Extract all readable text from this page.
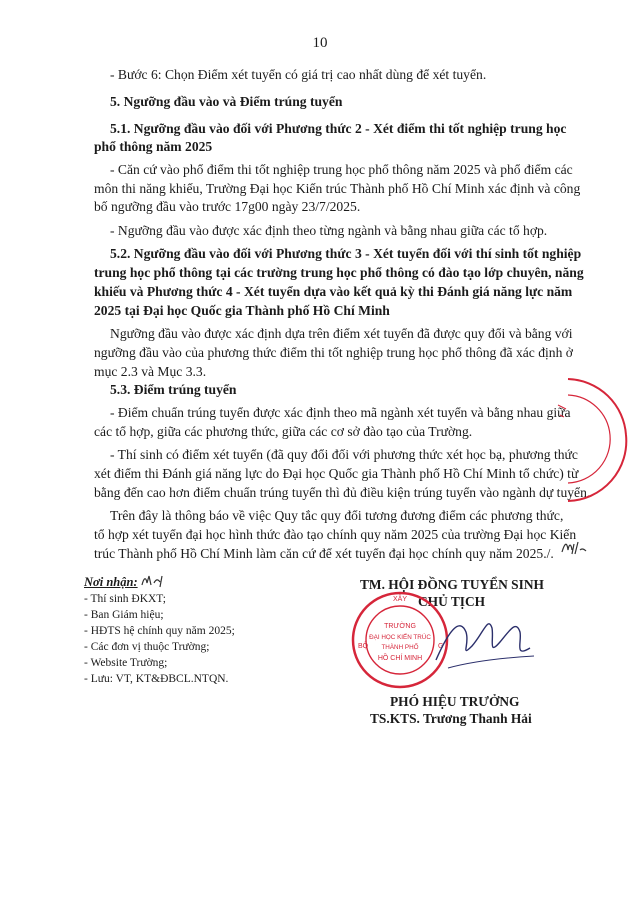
10
- Bước 6: Chọn Điểm xét tuyển có giá trị cao nhất dùng để xét tuyển.
5. Ngưỡng đầu vào và Điểm trúng tuyển
5.1. Ngưỡng đầu vào đối với Phương thức 2 - Xét điểm thi tốt nghiệp trung học
phổ thông năm 2025
- Căn cứ vào phổ điểm thi tốt nghiệp trung học phổ thông năm 2025 và phổ điểm các
môn thi năng khiếu, Trường Đại học Kiến trúc Thành phố Hồ Chí Minh xác định và công
bố ngưỡng đầu vào trước 17g00 ngày 23/7/2025.
- Ngưỡng đầu vào được xác định theo từng ngành và bằng nhau giữa các tổ hợp.
5.2. Ngưỡng đầu vào đối với Phương thức 3 - Xét tuyển đối với thí sinh tốt nghiệp
trung học phổ thông tại các trường trung học phổ thông có đào tạo lớp chuyên, năng
khiếu và Phương thức 4 - Xét tuyển dựa vào kết quả kỳ thi Đánh giá năng lực năm
2025 tại Đại học Quốc gia Thành phố Hồ Chí Minh
Ngưỡng đầu vào được xác định dựa trên điểm xét tuyển đã được quy đổi và bằng với
ngưỡng đầu vào của phương thức điểm thi tốt nghiệp trung học phổ thông đã xác định ở
mục 2.3 và Mục 3.3.
5.3. Điểm trúng tuyển
- Điểm chuẩn trúng tuyển được xác định theo mã ngành xét tuyển và bằng nhau giữa
các tổ hợp, giữa các phương thức, giữa các cơ sở đào tạo của Trường.
- Thí sinh có điểm xét tuyển (đã quy đổi đối với phương thức xét học bạ, phương thức
xét điểm thi Đánh giá năng lực do Đại học Quốc gia Thành phố Hồ Chí Minh tổ chức) từ
bằng đến cao hơn điểm chuẩn trúng tuyển thì đủ điều kiện trúng tuyển vào ngành dự tuyển.
Trên đây là thông báo về việc Quy tắc quy đổi tương đương điểm các phương thức,
tổ hợp xét tuyển đại học hình thức đào tạo chính quy năm 2025 của trường Đại học Kiến
trúc Thành phố Hồ Chí Minh làm căn cứ để xét tuyển đại học chính quy năm 2025./.
Nơi nhận:
- Thí sinh ĐKXT;
- Ban Giám hiệu;
- HĐTS hệ chính quy năm 2025;
- Các đơn vị thuộc Trường;
- Website Trường;
- Lưu: VT, KT&ĐBCL.NTQN.
TM. HỘI ĐỒNG TUYỂN SINH
CHỦ TỊCH
XÂY
BỘ	G
TRƯỜNG
ĐẠI HỌC KIẾN TRÚC
THÀNH PHỐ
HỒ CHÍ MINH
PHÓ HIỆU TRƯỞNG
TS.KTS. Trương Thanh Hải
